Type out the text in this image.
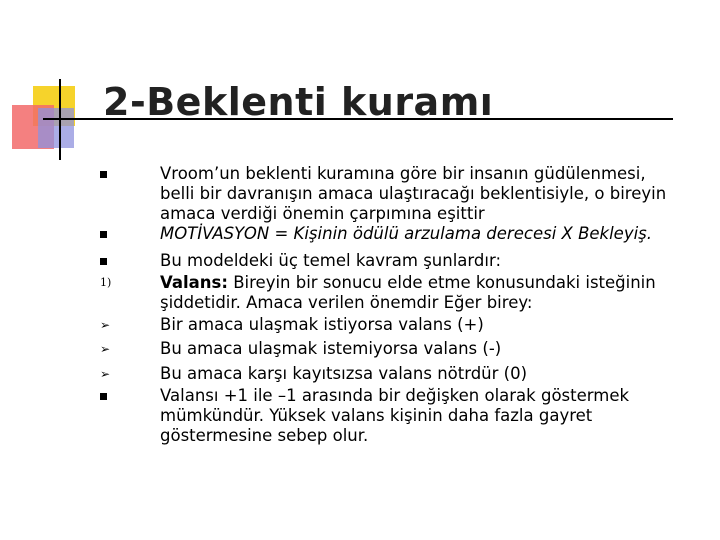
2-Beklenti kuramı
Vroom’un beklenti kuramına göre bir insanın güdülenmesi,
belli bir davranışın amaca ulaştıracağı beklentisiyle, o bireyin
amaca verdiği önemin çarpımına eşittir
MOTİVASYON = Kişinin ödülü arzulama derecesi X Bekleyiş.
Bu modeldeki üç temel kavram şunlardır:
1)	Valans: Bireyin bir sonucu elde etme konusundaki isteğinin
şiddetidir. Amaca verilen önemdir Eğer birey:
➢	Bir amaca ulaşmak istiyorsa valans (+)
➢	Bu amaca ulaşmak istemiyorsa valans (-)
➢	Bu amaca karşı kayıtsızsa valans nötrdür (0)
Valansı +1 ile –1 arasında bir değişken olarak göstermek
mümkündür. Yüksek valans kişinin daha fazla gayret
göstermesine sebep olur.
